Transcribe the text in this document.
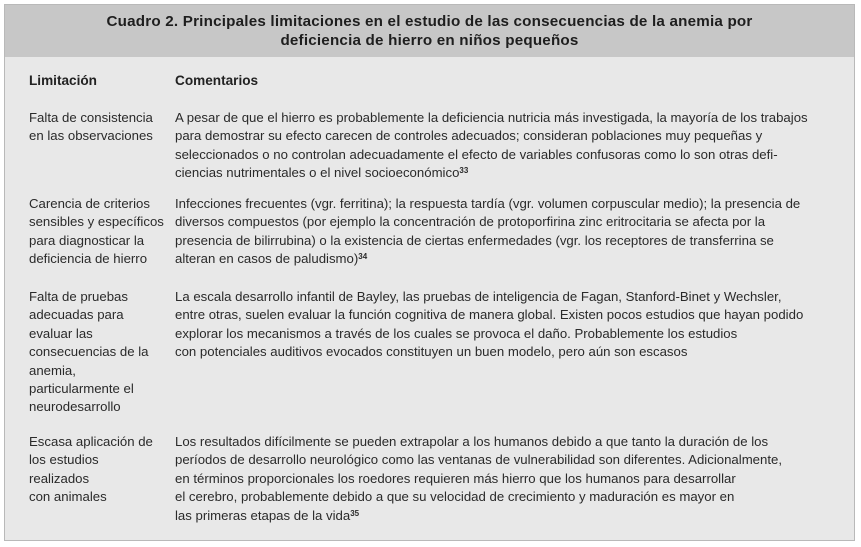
Cuadro 2. Principales limitaciones en el estudio de las consecuencias de la anemia por
deficiencia de hierro en niños pequeños
Limitación	Comentarios
Falta de consistencia
en las observaciones
A pesar de que el hierro es probablemente la deficiencia nutricia más investigada, la mayoría de los trabajos
para demostrar su efecto carecen de controles adecuados; consideran poblaciones muy pequeñas y
seleccionados o no controlan adecuadamente el efecto de variables confusoras como lo son otras defi-
ciencias nutrimentales o el nivel socioeconómico$^{33}$
Carencia de criterios
sensibles y específicos
para diagnosticar la
deficiencia de hierro
Infecciones frecuentes (vgr. ferritina); la respuesta tardía (vgr. volumen corpuscular medio); la presencia de
diversos compuestos (por ejemplo la concentración de protoporfirina zinc eritrocitaria se afecta por la
presencia de bilirrubina) o la existencia de ciertas enfermedades (vgr. los receptores de transferrina se
alteran en casos de paludismo)$^{34}$
Falta de pruebas
adecuadas para
evaluar las
consecuencias de la
anemia,
particularmente el
neurodesarrollo
La escala desarrollo infantil de Bayley, las pruebas de inteligencia de Fagan, Stanford-Binet y Wechsler,
entre otras, suelen evaluar la función cognitiva de manera global. Existen pocos estudios que hayan podido
explorar los mecanismos a través de los cuales se provoca el daño. Probablemente los estudios
con potenciales auditivos evocados constituyen un buen modelo, pero aún son escasos
Escasa aplicación de
los estudios
realizados
con animales
Los resultados difícilmente se pueden extrapolar a los humanos debido a que tanto la duración de los
períodos de desarrollo neurológico como las ventanas de vulnerabilidad son diferentes. Adicionalmente,
en términos proporcionales los roedores requieren más hierro que los humanos para desarrollar
el cerebro, probablemente debido a que su velocidad de crecimiento y maduración es mayor en
las primeras etapas de la vida$^{35}$
